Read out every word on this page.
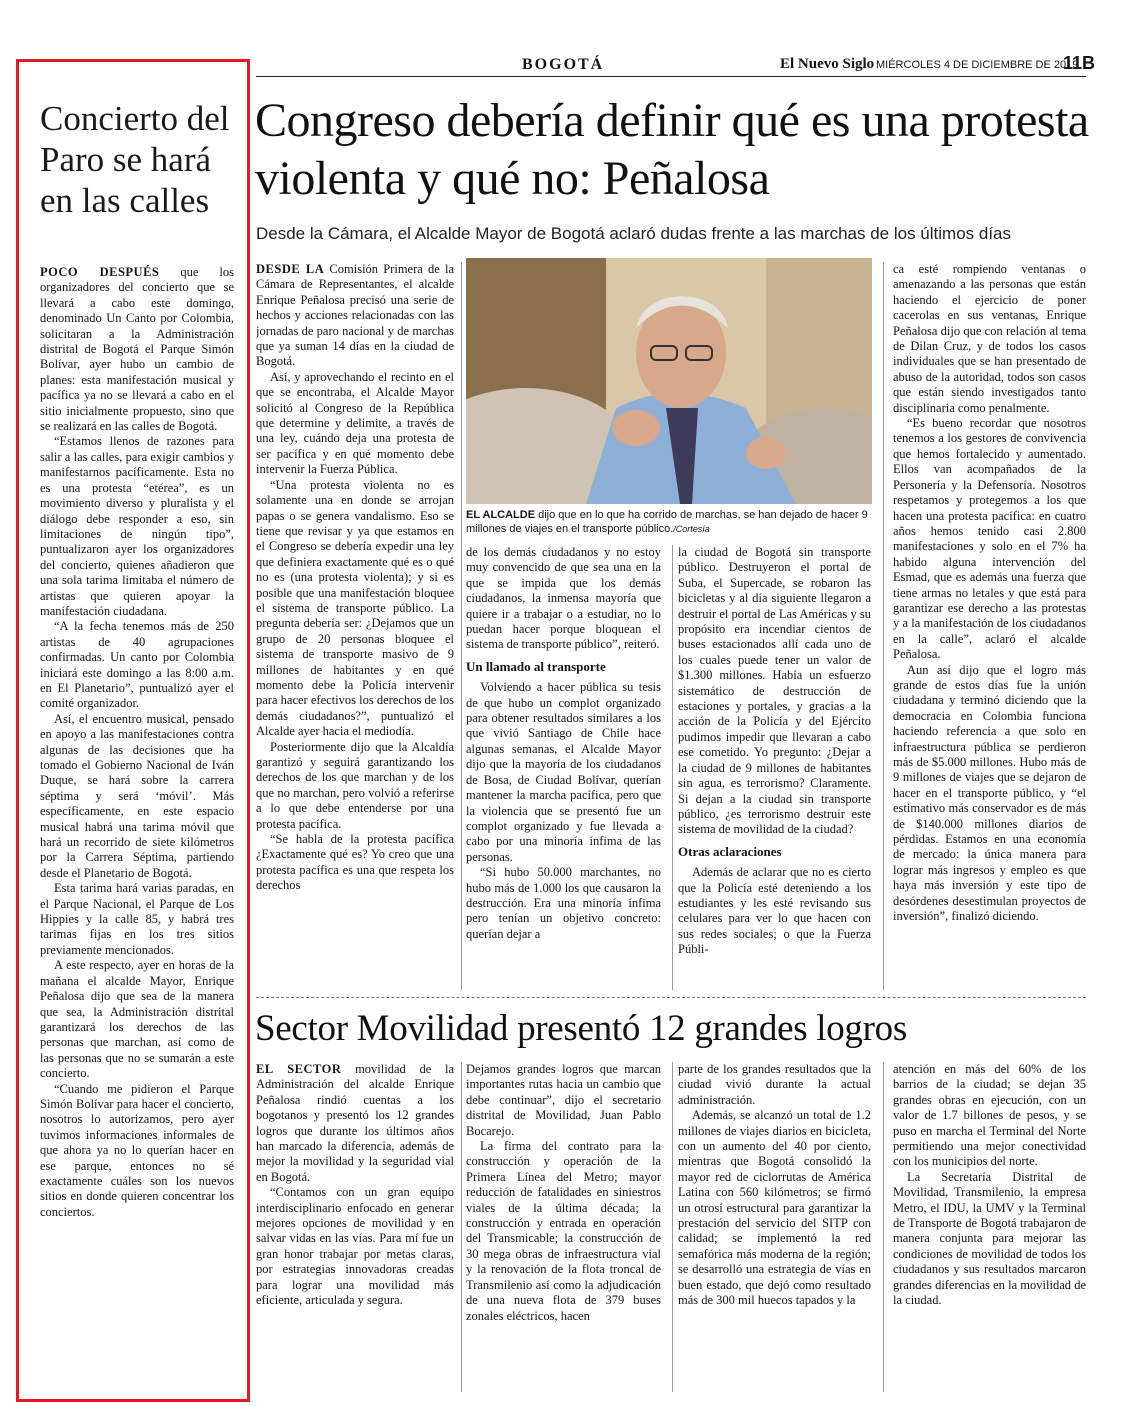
BOGOTÁ	El Nuevo Siglo MIÉRCOLES 4 DE DICIEMBRE DE 2019
11B
Concierto del Paro se hará en las calles

POCO DESPUÉS que los organizadores del concierto que se llevará a cabo este domingo, denominado Un Canto por Colombia, solicitaran a la Administración distrital de Bogotá el Parque Simón Bolívar, ayer hubo un cambio de planes: esta manifestación musical y pacífica ya no se llevará a cabo en el sitio inicialmente propuesto, sino que se realizará en las calles de Bogotá.

“Estamos llenos de razones para salir a las calles, para exigir cambios y manifestarnos pacíficamente. Esta no es una protesta “etérea”, es un movimiento diverso y pluralista y el diálogo debe responder a eso, sin limitaciones de ningún tipo”, puntualizaron ayer los organizadores del concierto, quienes añadieron que una sola tarima limitaba el número de artistas que quieren apoyar la manifestación ciudadana.

“A la fecha tenemos más de 250 artistas de 40 agrupaciones confirmadas. Un canto por Colombia iniciará este domingo a las 8:00 a.m. en El Planetario”, puntualizó ayer el comité organizador.

Así, el encuentro musical, pensado en apoyo a las manifestaciones contra algunas de las decisiones que ha tomado el Gobierno Nacional de Iván Duque, se hará sobre la carrera séptima y será ‘móvil’. Más específicamente, en este espacio musical habrá una tarima móvil que hará un recorrido de siete kilómetros por la Carrera Séptima, partiendo desde el Planetario de Bogotá.

Esta tarima hará varias paradas, en el Parque Nacional, el Parque de Los Hippies y la calle 85, y habrá tres tarimas fijas en los tres sitios previamente mencionados.

A este respecto, ayer en horas de la mañana el alcalde Mayor, Enrique Peñalosa dijo que sea de la manera que sea, la Administración distrital garantizará los derechos de las personas que marchan, así como de las personas que no se sumarán a este concierto.

“Cuando me pidieron el Parque Simón Bolívar para hacer el concierto, nosotros lo autorizamos, pero ayer tuvimos informaciones informales de que ahora ya no lo querían hacer en ese parque, entonces no sé exactamente cuáles son los nuevos sitios en donde quieren concentrar los conciertos.

Congreso debería definir qué es una protesta violenta y qué no: Peñalosa
Desde la Cámara, el Alcalde Mayor de Bogotá aclaró dudas frente a las marchas de los últimos días

DESDE LA Comisión Primera de la Cámara de Representantes, el alcalde Enrique Peñalosa precisó una serie de hechos y acciones relacionadas con las jornadas de paro nacional y de marchas que ya suman 14 días en la ciudad de Bogotá.

Así, y aprovechando el recinto en el que se encontraba, el Alcalde Mayor solicitó al Congreso de la República que determine y delimite, a través de una ley, cuándo deja una protesta de ser pacífica y en qué momento debe intervenir la Fuerza Pública.

“Una protesta violenta no es solamente una en donde se arrojan papas o se genera vandalismo. Eso se tiene que revisar y ya que estamos en el Congreso se debería expedir una ley que definiera exactamente qué es o qué no es (una protesta violenta); y si es posible que una manifestación bloquee el sistema de transporte público. La pregunta debería ser: ¿Dejamos que un grupo de 20 personas bloquee el sistema de transporte masivo de 9 millones de habitantes y en qué momento debe la Policía intervenir para hacer efectivos los derechos de los demás ciudadanos?”, puntualizó el Alcalde ayer hacia el mediodía.

Posteriormente dijo que la Alcaldía garantizó y seguirá garantizando los derechos de los que marchan y de los que no marchan, pero volvió a referirse a lo que debe entenderse por una protesta pacífica.

“Se habla de la protesta pacífica ¿Exactamente qué es? Yo creo que una protesta pacífica es una que respeta los derechos

EL ALCALDE dijo que en lo que ha corrido de marchas, se han dejado de hacer 9 millones de viajes en el transporte público./Cortesía

de los demás ciudadanos y no estoy muy convencido de que sea una en la que se impida que los demás ciudadanos, la inmensa mayoría que quiere ir a trabajar o a estudiar, no lo puedan hacer porque bloquean el sistema de transporte público”, reiteró.

Un llamado al transporte

Volviendo a hacer pública su tesis de que hubo un complot organizado para obtener resultados similares a los que vivió Santiago de Chile hace algunas semanas, el Alcalde Mayor dijo que la mayoría de los ciudadanos de Bosa, de Ciudad Bolívar, querían mantener la marcha pacífica, pero que la violencia que se presentó fue un complot organizado y fue llevada a cabo por una minoría ínfima de las personas.

“Si hubo 50.000 marchantes, no hubo más de 1.000 los que causaron la destrucción. Era una minoría ínfima pero tenían un objetivo concreto: querían dejar a

la ciudad de Bogotá sin transporte público. Destruyeron el portal de Suba, el Supercade, se robaron las bicicletas y al día siguiente llegaron a destruir el portal de Las Américas y su propósito era incendiar cientos de buses estacionados allí cada uno de los cuales puede tener un valor de $1.300 millones. Había un esfuerzo sistemático de destrucción de estaciones y portales, y gracias a la acción de la Policía y del Ejército pudimos impedir que llevaran a cabo ese cometido. Yo pregunto: ¿Dejar a la ciudad de 9 millones de habitantes sin agua, es terrorismo? Claramente. Si dejan a la ciudad sin transporte público, ¿es terrorismo destruir este sistema de movilidad de la ciudad?

Otras aclaraciones

Además de aclarar que no es cierto que la Policía esté deteniendo a los estudiantes y les esté revisando sus celulares para ver lo que hacen con sus redes sociales; o que la Fuerza Públi-

ca esté rompiendo ventanas o amenazando a las personas que están haciendo el ejercicio de poner cacerolas en sus ventanas, Enrique Peñalosa dijo que con relación al tema de Dilan Cruz, y de todos los casos individuales que se han presentado de abuso de la autoridad, todos son casos que están siendo investigados tanto disciplinaria como penalmente.

“Es bueno recordar que nosotros tenemos a los gestores de convivencia que hemos fortalecido y aumentado. Ellos van acompañados de la Personería y la Defensoría. Nosotros respetamos y protegemos a los que hacen una protesta pacífica: en cuatro años hemos tenido casi 2.800 manifestaciones y solo en el 7% ha habido alguna intervención del Esmad, que es además una fuerza que tiene armas no letales y que está para garantizar ese derecho a las protestas y a la manifestación de los ciudadanos en la calle”, aclaró el alcalde Peñalosa.

Aun así dijo que el logro más grande de estos días fue la unión ciudadana y terminó diciendo que la democracia en Colombia funciona haciendo referencia a que solo en infraestructura pública se perdieron más de $5.000 millones. Hubo más de 9 millones de viajes que se dejaron de hacer en el transporte público, y “el estimativo más conservador es de más de $140.000 millones diarios de pérdidas. Estamos en una economía de mercado: la única manera para lograr más ingresos y empleo es que haya más inversión y este tipo de desórdenes desestimulan proyectos de inversión”, finalizó diciendo.

Sector Movilidad presentó 12 grandes logros

EL SECTOR movilidad de la Administración del alcalde Enrique Peñalosa rindió cuentas a los bogotanos y presentó los 12 grandes logros que durante los últimos años han marcado la diferencia, además de mejor la movilidad y la seguridad vial en Bogotá.

“Contamos con un gran equipo interdisciplinario enfocado en generar mejores opciones de movilidad y en salvar vidas en las vías. Para mí fue un gran honor trabajar por metas claras, por estrategias innovadoras creadas para lograr una movilidad más eficiente, articulada y segura.

Dejamos grandes logros que marcan importantes rutas hacia un cambio que debe continuar”, dijo el secretario distrital de Movilidad, Juan Pablo Bocarejo.

La firma del contrato para la construcción y operación de la Primera Línea del Metro; mayor reducción de fatalidades en siniestros viales de la última década; la construcción y entrada en operación del Transmicable; la construcción de 30 mega obras de infraestructura vial y la renovación de la flota troncal de Transmilenio así como la adjudicación de una nueva flota de 379 buses zonales eléctricos, hacen

parte de los grandes resultados que la ciudad vivió durante la actual administración.

Además, se alcanzó un total de 1.2 millones de viajes diarios en bicicleta, con un aumento del 40 por ciento, mientras que Bogotá consolidó la mayor red de ciclorrutas de América Latina con 560 kilómetros; se firmó un otrosí estructural para garantizar la prestación del servicio del SITP con calidad; se implementó la red semafórica más moderna de la región; se desarrolló una estrategia de vías en buen estado, que dejó como resultado más de 300 mil huecos tapados y la

atención en más del 60% de los barrios de la ciudad; se dejan 35 grandes obras en ejecución, con un valor de 1.7 billones de pesos, y se puso en marcha el Terminal del Norte permitiendo una mejor conectividad con los municipios del norte.

La Secretaría Distrital de Movilidad, Transmilenio, la empresa Metro, el IDU, la UMV y la Terminal de Transporte de Bogotá trabajaron de manera conjunta para mejorar las condiciones de movilidad de todos los ciudadanos y sus resultados marcaron grandes diferencias en la movilidad de la ciudad.
